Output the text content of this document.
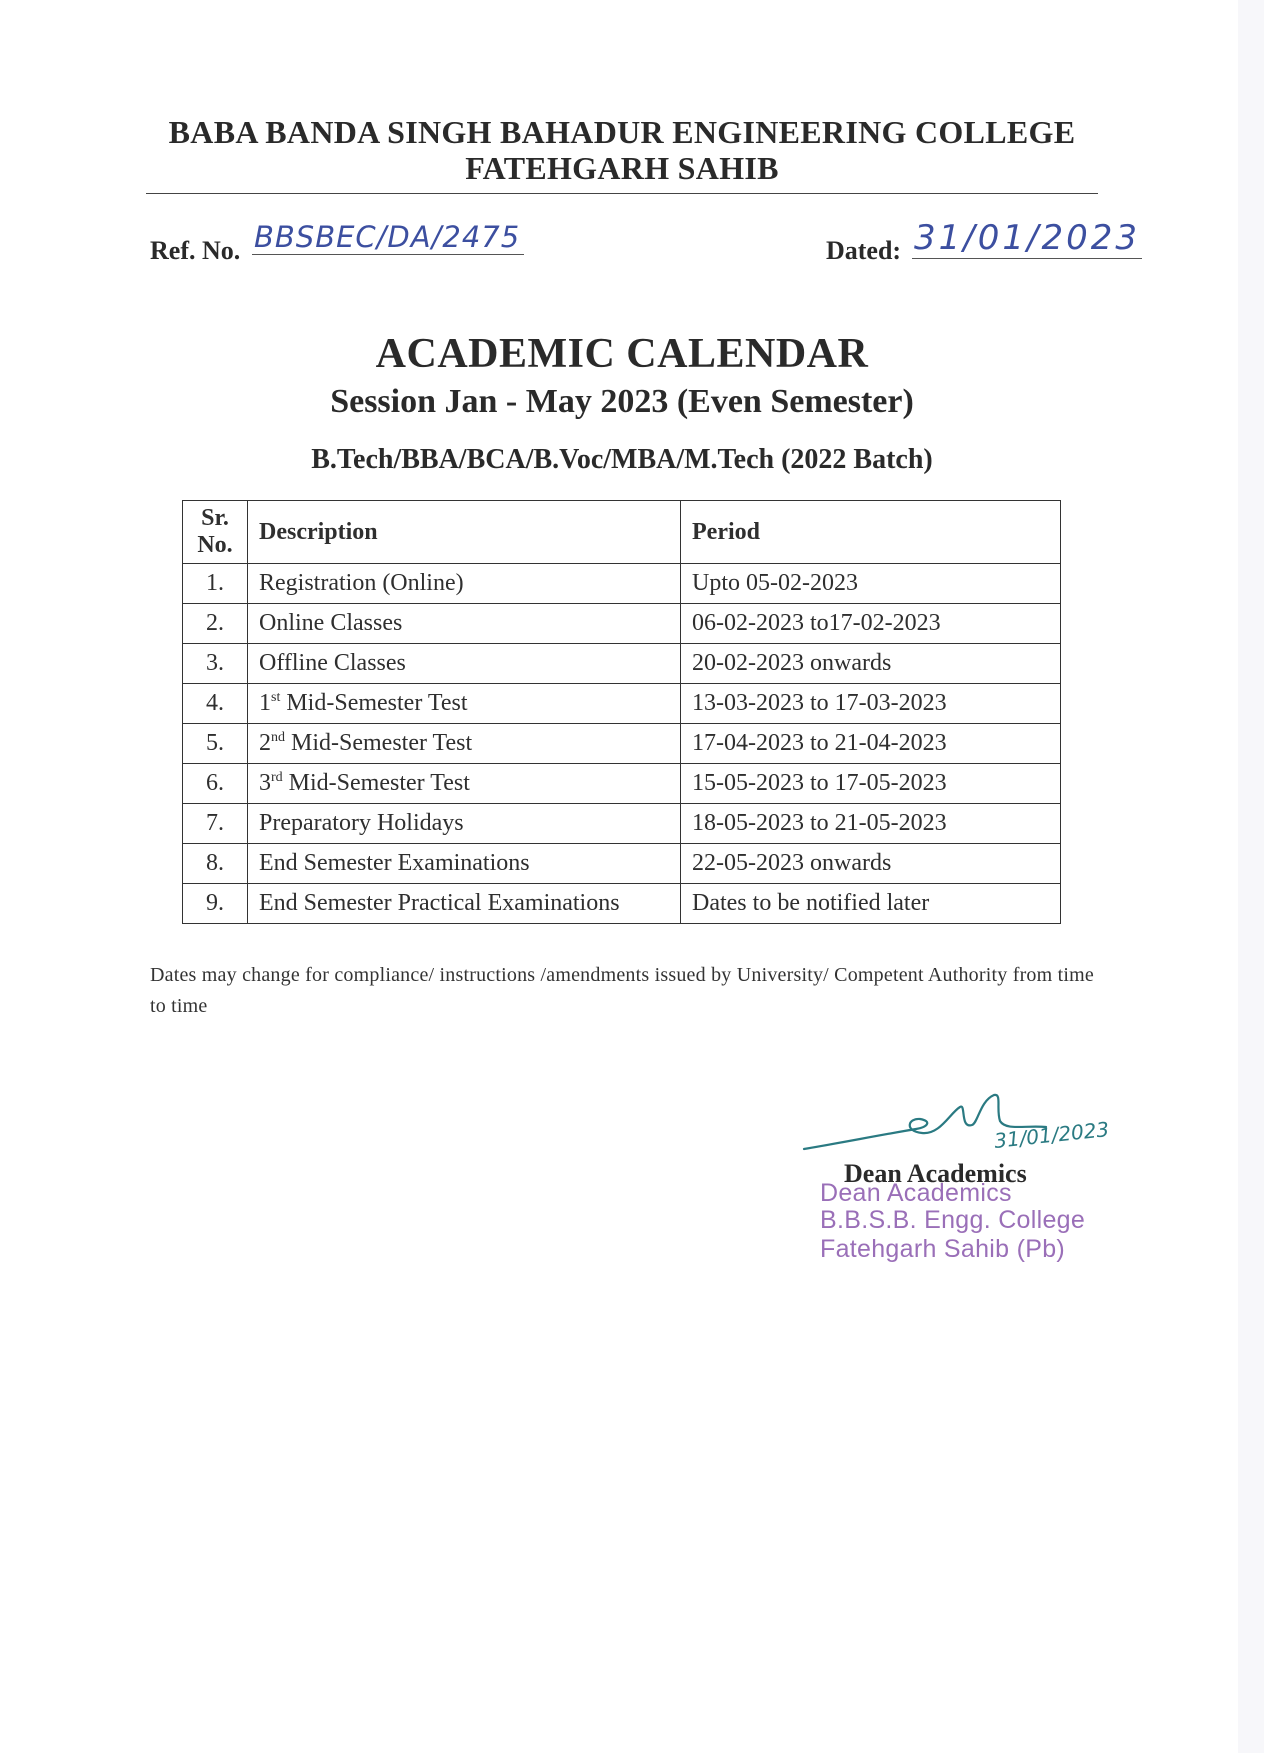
BABA BANDA SINGH BAHADUR ENGINEERING COLLEGE
FATEHGARH SAHIB
Ref. No. BBSBEC/DA/2475	Dated: 31/01/2023
ACADEMIC CALENDAR
Session Jan - May 2023 (Even Semester)
B.Tech/BBA/BCA/B.Voc/MBA/M.Tech (2022 Batch)
Sr.
No.	Description	Period
1.	Registration (Online)	Upto 05-02-2023
2.	Online Classes	06-02-2023 to17-02-2023
3.	Offline Classes	20-02-2023 onwards
4.	1st Mid-Semester Test	13-03-2023 to 17-03-2023
5.	2nd Mid-Semester Test	17-04-2023 to 21-04-2023
6.	3rd Mid-Semester Test	15-05-2023 to 17-05-2023
7.	Preparatory Holidays	18-05-2023 to 21-05-2023
8.	End Semester Examinations	22-05-2023 onwards
9.	End Semester Practical Examinations	Dates to be notified later
Dates may change for compliance/ instructions /amendments issued by University/ Competent Authority from time to time
31/01/2023
Dean Academics
Dean Academics
B.B.S.B. Engg. College
Fatehgarh Sahib (Pb)
